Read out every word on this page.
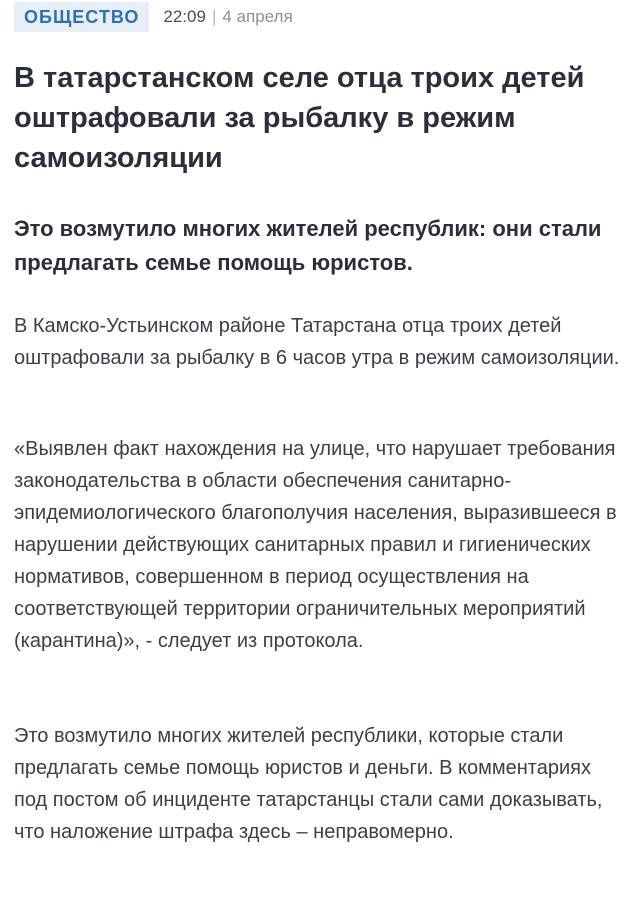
ОБЩЕСТВО	22:09 | 4 апреля
В татарстанском селе отца троих детей оштрафовали за рыбалку в режим самоизоляции

Это возмутило многих жителей республик: они стали предлагать семье помощь юристов.

В Камско-Устьинском районе Татарстана отца троих детей оштрафовали за рыбалку в 6 часов утра в режим самоизоляции.

«Выявлен факт нахождения на улице, что нарушает требования законодательства в области обеспечения санитарно-эпидемиологического благополучия населения, выразившееся в нарушении действующих санитарных правил и гигиенических нормативов, совершенном в период осуществления на соответствующей территории ограничительных мероприятий (карантина)», - следует из протокола.

Это возмутило многих жителей республики, которые стали предлагать семье помощь юристов и деньги. В комментариях под постом об инциденте татарстанцы стали сами доказывать, что наложение штрафа здесь – неправомерно.
